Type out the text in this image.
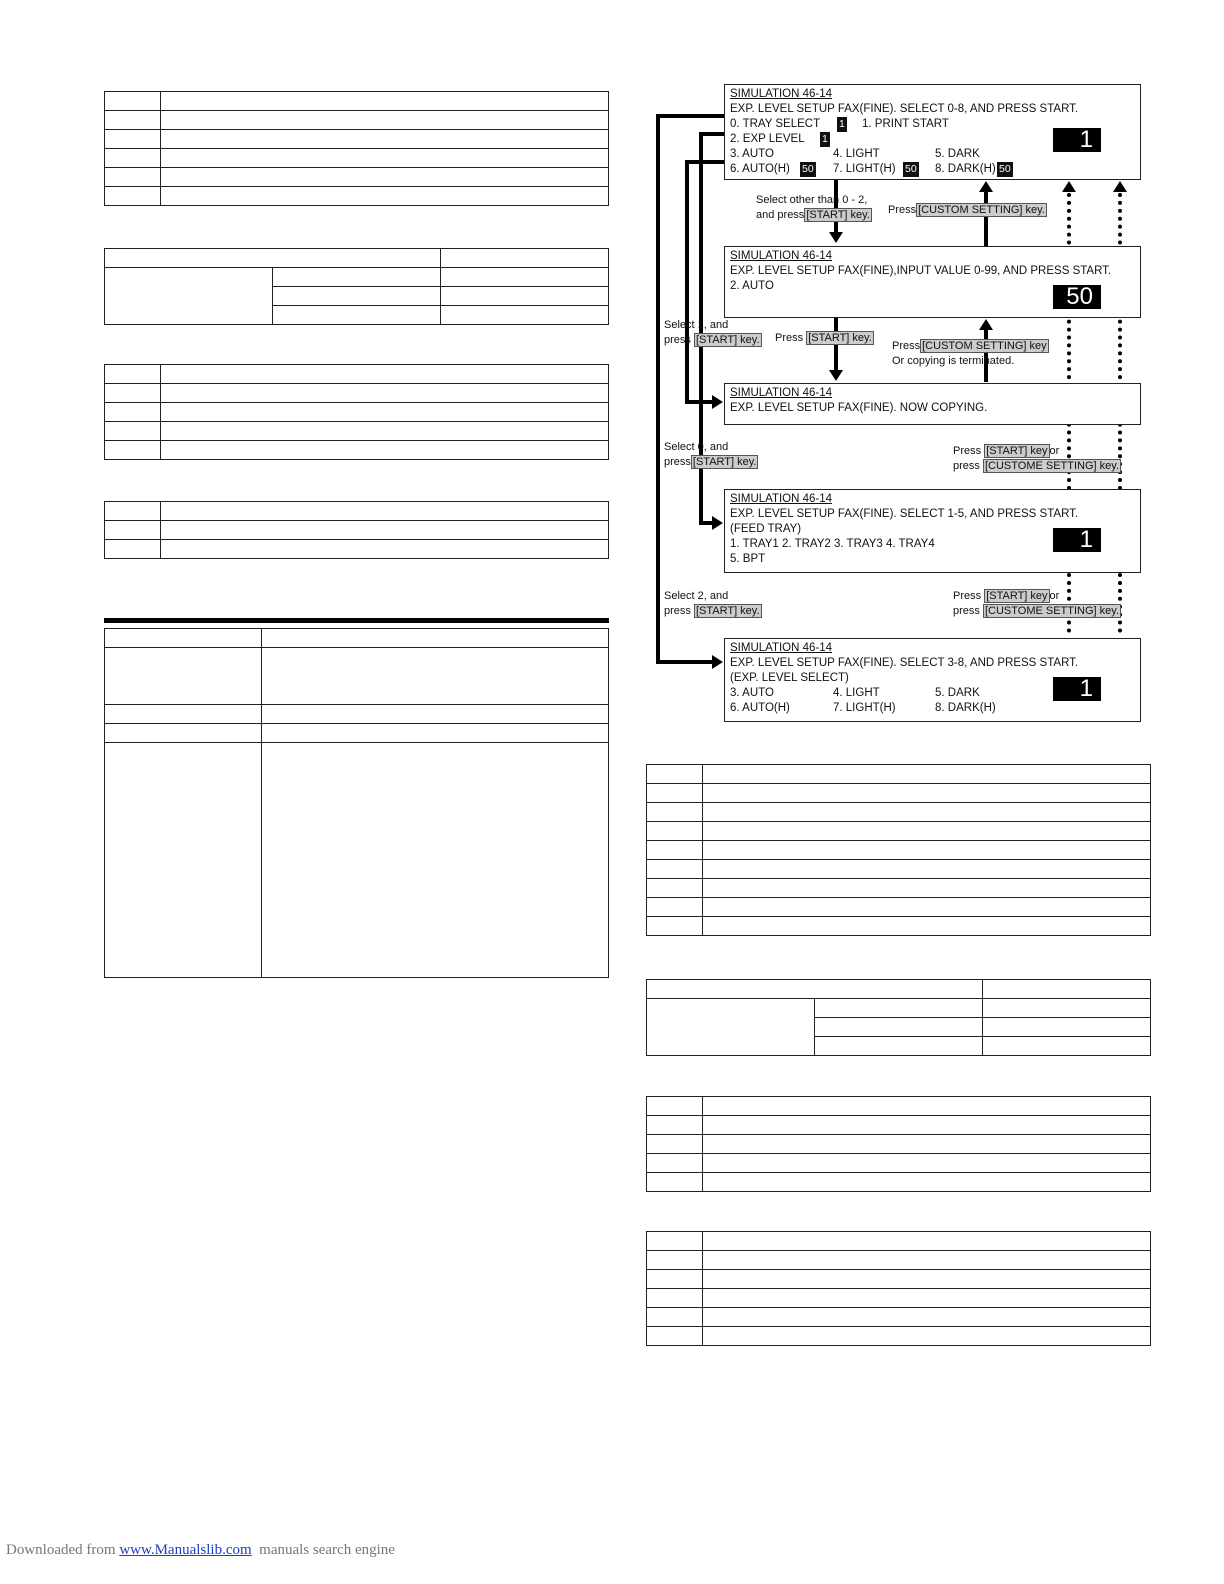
SIMULATION 46-14
EXP. LEVEL SETUP FAX(FINE). SELECT 0-8, AND PRESS START.
0. TRAY SELECT 1 1. PRINT START
2. EXP LEVEL 1
3. AUTO	4. LIGHT	5. DARK
6. AUTO(H) 50 7. LIGHT(H) 50 8. DARK(H) 50
1
SIMULATION 46-14
EXP. LEVEL SETUP FAX(FINE),INPUT VALUE 0-99, AND PRESS START.
2. AUTO	50
SIMULATION 46-14
EXP. LEVEL SETUP FAX(FINE). NOW COPYING.
SIMULATION 46-14
EXP. LEVEL SETUP FAX(FINE). SELECT 1-5, AND PRESS START.
(FEED TRAY)
1. TRAY1 2. TRAY2 3. TRAY3 4. TRAY4
5. BPT
1
SIMULATION 46-14
EXP. LEVEL SETUP FAX(FINE). SELECT 3-8, AND PRESS START.
(EXP. LEVEL SELECT)
3. AUTO	4. LIGHT	5. DARK
6. AUTO(H)	7. LIGHT(H)	8. DARK(H)
1
Select other than 0 - 2,
and press [START] key. Press [CUSTOM SETTING] key.
Select 1, and
press [START] key. Press [START] key.
Press [CUSTOM SETTING] key
Or copying is terminated.
Select 0, and
press [START] key.
Press [START] key or
press [CUSTOME SETTING] key.
Select 2, and
press [START] key.
Press [START] key or
press [CUSTOME SETTING] key.
Downloaded from www.Manualslib.com  manuals search engine
